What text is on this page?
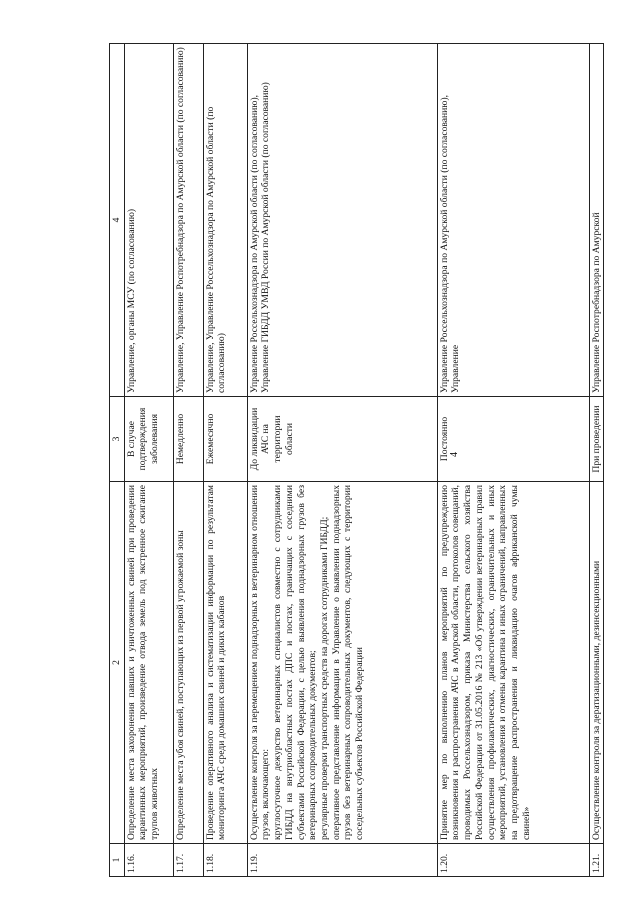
4
1	2	3	4
1.16.	Определение места захоронения павших и уничтоженных свиней при проведении карантинных мероприятий, произведение отвода земель под экстренное сжигание трупов животных	В случае подтверждения заболевания	Управление, органы МСУ (по согласованию)
1.17.	Определение места убоя свиней, поступающих из первой угрожаемой зоны	Немедленно	Управление, Управление Роспотребнадзора по Амурской области (по согласованию)
1.18.	Проведение оперативного анализа и систематизации информации по результатам мониторинга АЧС среди домашних свиней и диких кабанов	Ежемесячно	Управление, Управление Россельхознадзора по Амурской области (по согласованию)
1.19.	Осуществление контроля за перемещением поднадзорных в ветеринарном отношении грузов, включающего: круглосуточное дежурство ветеринарных специалистов совместно с сотрудниками ГИБДД на внутриобластных постах ДПС и постах, граничащих с соседними субъектами Российской Федерации, с целью выявления поднадзорных грузов без ветеринарных сопроводительных документов; регулярные проверки транспортных средств на дорогах сотрудниками ГИБДД; оперативное представление информации в Управление о выявлении поднадзорных грузов без ветеринарных сопроводительных документов, следующих с территории соседельных субъектов Российской Федерации	До ликвидации АЧС на территории области	Управление Россельхознадзора по Амурской области (по согласованию), Управление ГИБДД УМВД России по Амурской области (по согласованию)
1.20.	Принятие мер по выполнению планов мероприятий по предупреждению возникновения и распространения АЧС в Амурской области, протоколов совещаний, проводимых Россельхознадзором, приказа Министерства сельского хозяйства Российской Федерации от 31.05.2016 № 213 «Об утверждении ветеринарных правил осуществления профилактических, диагностических, ограничительных и иных мероприятий, установления и отмены карантина и иных ограничений, направленных на предотвращение распространения и ликвидацию очагов африканской чумы свиней»	Постоянно	Управление Россельхознадзора по Амурской области (по согласованию), Управление
1.21.	Осуществление контроля за дератизационными, дезинсекционными	При проведении	Управление Роспотребнадзора по Амурской
